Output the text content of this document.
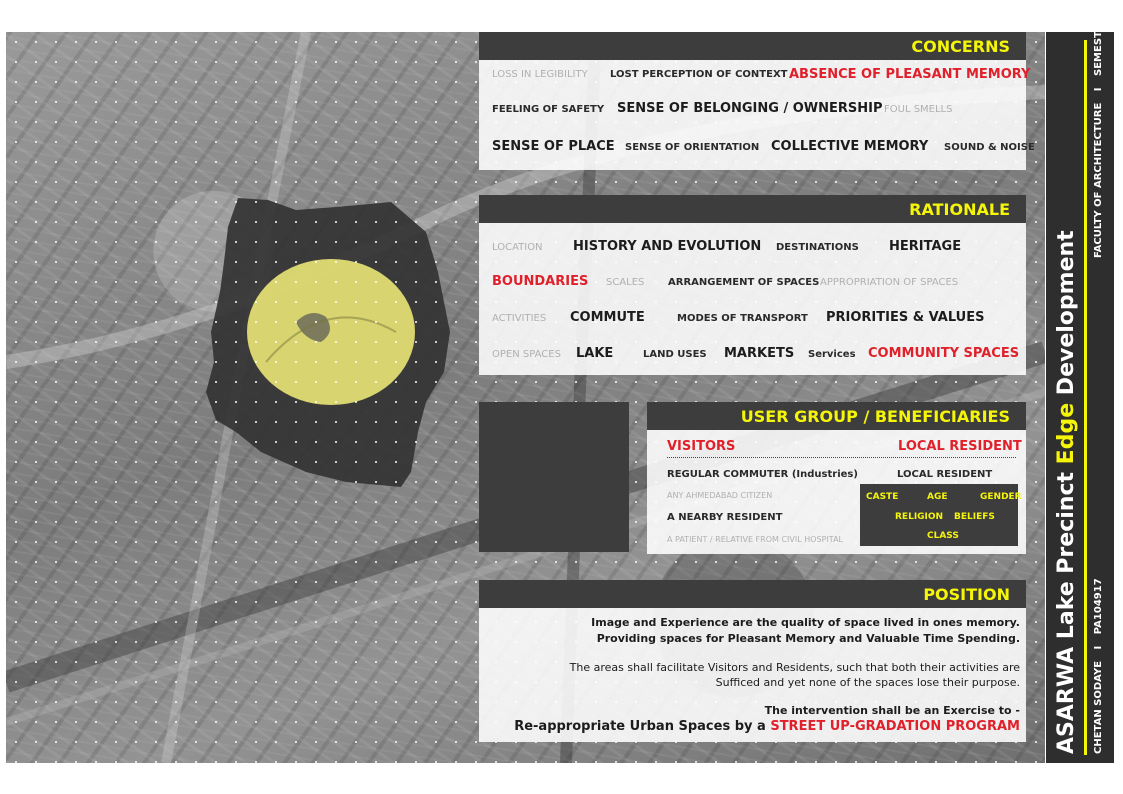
CONCERNS
LOSS IN LEGIBILITY LOST PERCEPTION OF CONTEXT ABSENCE OF PLEASANT MEMORY
FEELING OF SAFETY SENSE OF BELONGING / OWNERSHIP FOUL SMELLS
SENSE OF PLACE SENSE OF ORIENTATION COLLECTIVE MEMORY SOUND & NOISE
RATIONALE
LOCATION HISTORY AND EVOLUTION DESTINATIONS HERITAGE
BOUNDARIES SCALES ARRANGEMENT OF SPACES APPROPRIATION OF SPACES
ACTIVITIES COMMUTE	MODES OF TRANSPORT PRIORITIES & VALUES
OPEN SPACES LAKE	LAND USES MARKETS Services COMMUNITY SPACES
USER GROUP / BENEFICIARIES
VISITORS	LOCAL RESIDENT
REGULAR COMMUTER (Industries)
ANY AHMEDABAD CITIZEN
A NEARBY RESIDENT
A PATIENT / RELATIVE FROM CIVIL HOSPITAL
LOCAL RESIDENT
CASTE	AGE	GENDER
RELIGION BELIEFS
CLASS
POSITION
Image and Experience are the quality of space lived in ones memory.
Providing spaces for Pleasant Memory and Valuable Time Spending.
The areas shall facilitate Visitors and Residents, such that both their activities are
Sufficed and yet none of the spaces lose their purpose.
The intervention shall be an Exercise to -
Re-appropriate Urban Spaces by a STREET UP-GRADATION PROGRAM ASARWA Lake Precinct Edge Development
CHETAN SODAYE I PA104917
FACULTY OF ARCHITECTURE I SEMESTER 1
